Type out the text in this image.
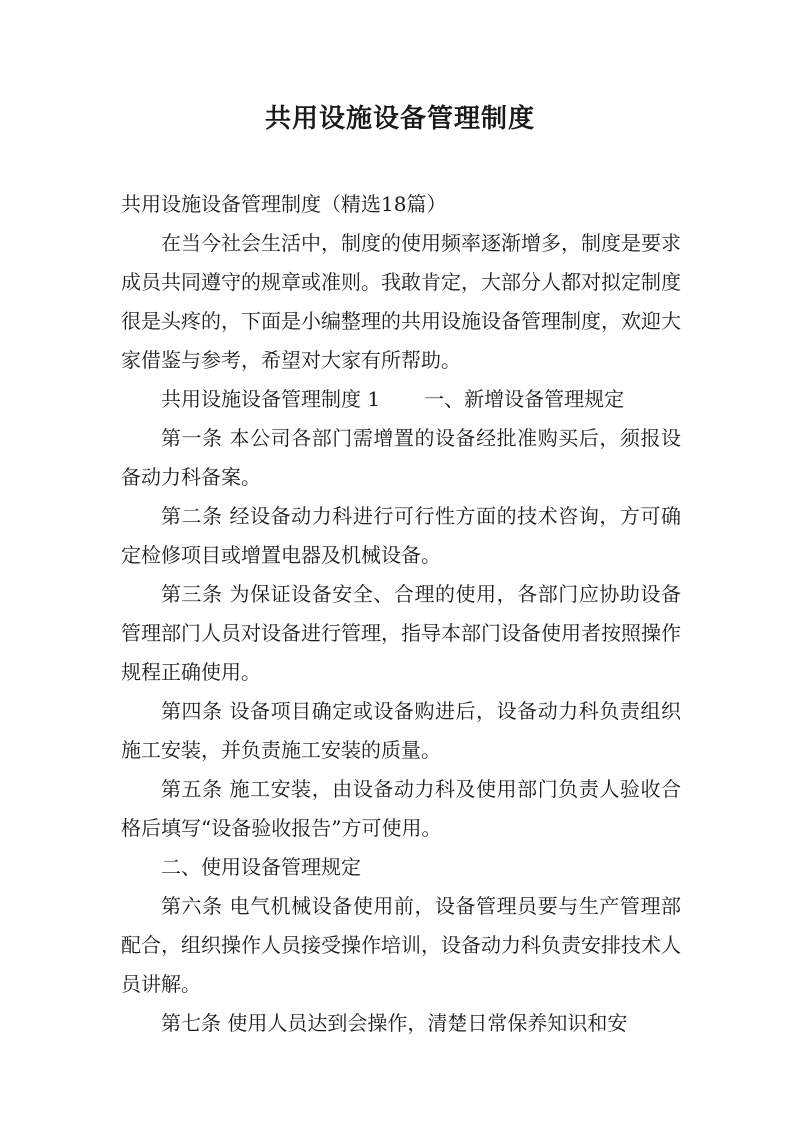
共用设施设备管理制度

共用设施设备管理制度（精选18篇）

在当今社会生活中，制度的使用频率逐渐增多，制度是要求成员共同遵守的规章或准则。我敢肯定，大部分人都对拟定制度很是头疼的，下面是小编整理的共用设施设备管理制度，欢迎大家借鉴与参考，希望对大家有所帮助。

共用设施设备管理制度 1 一、新增设备管理规定

第一条 本公司各部门需增置的设备经批准购买后，须报设备动力科备案。

第二条 经设备动力科进行可行性方面的技术咨询，方可确定检修项目或增置电器及机械设备。

第三条 为保证设备安全、合理的使用，各部门应协助设备管理部门人员对设备进行管理，指导本部门设备使用者按照操作规程正确使用。

第四条 设备项目确定或设备购进后，设备动力科负责组织施工安装，并负责施工安装的质量。

第五条 施工安装，由设备动力科及使用部门负责人验收合格后填写“设备验收报告”方可使用。

二、使用设备管理规定

第六条 电气机械设备使用前，设备管理员要与生产管理部配合，组织操作人员接受操作培训，设备动力科负责安排技术人员讲解。

第七条 使用人员达到会操作，清楚日常保养知识和安
